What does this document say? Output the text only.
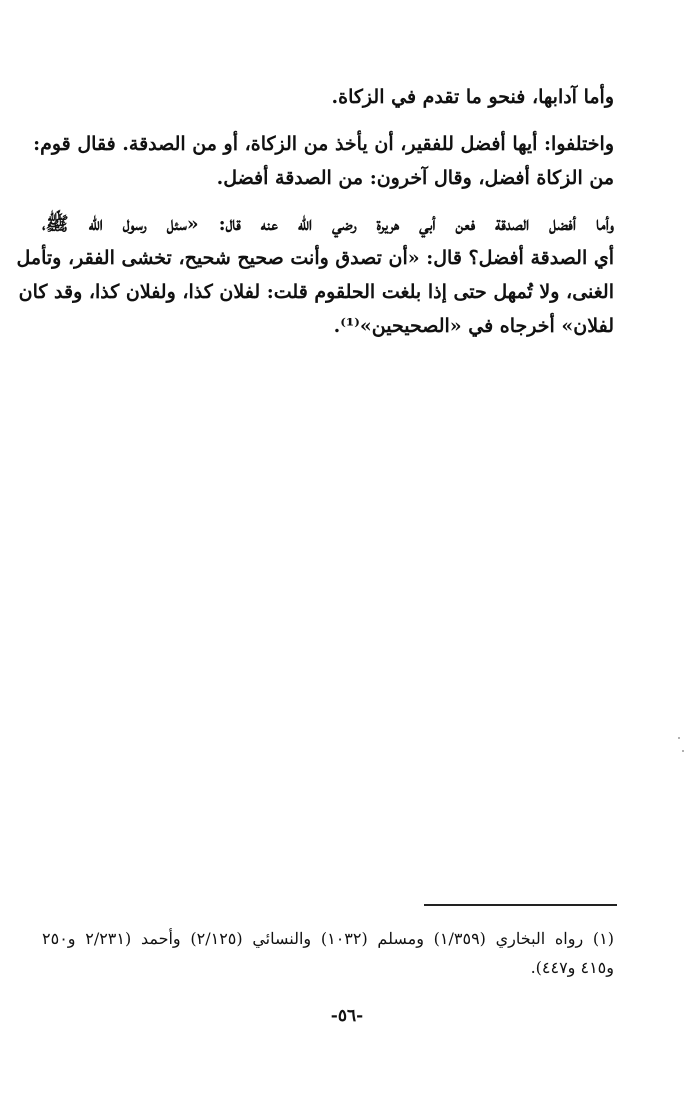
وأما آدابها، فنحو ما تقدم في الزكاة.
واختلفوا: أيها أفضل للفقير، أن يأخذ من الزكاة، أو من الصدقة. فقال قوم:
من الزكاة أفضل، وقال آخرون: من الصدقة أفضل.
وأما أفضل الصدقة فعن أبي هريرة رضي الله عنه قال: «سئل رسول الله ﷺ،
أي الصدقة أفضل؟ قال: «أن تصدق وأنت صحيح شحيح، تخشى الفقر، وتأمل
الغنى، ولا تُمهل حتى إذا بلغت الحلقوم قلت: لفلان كذا، ولفلان كذا، وقد كان
لفلان» أخرجاه في «الصحيحين»⁽¹⁾.
(١) رواه البخاري (١/٣٥٩) ومسلم (١٠٣٢) والنسائي (٢/١٢٥) وأحمد (٢/٢٣١ و٢٥٠
و٤١٥ و٤٤٧).
-٥٦-
